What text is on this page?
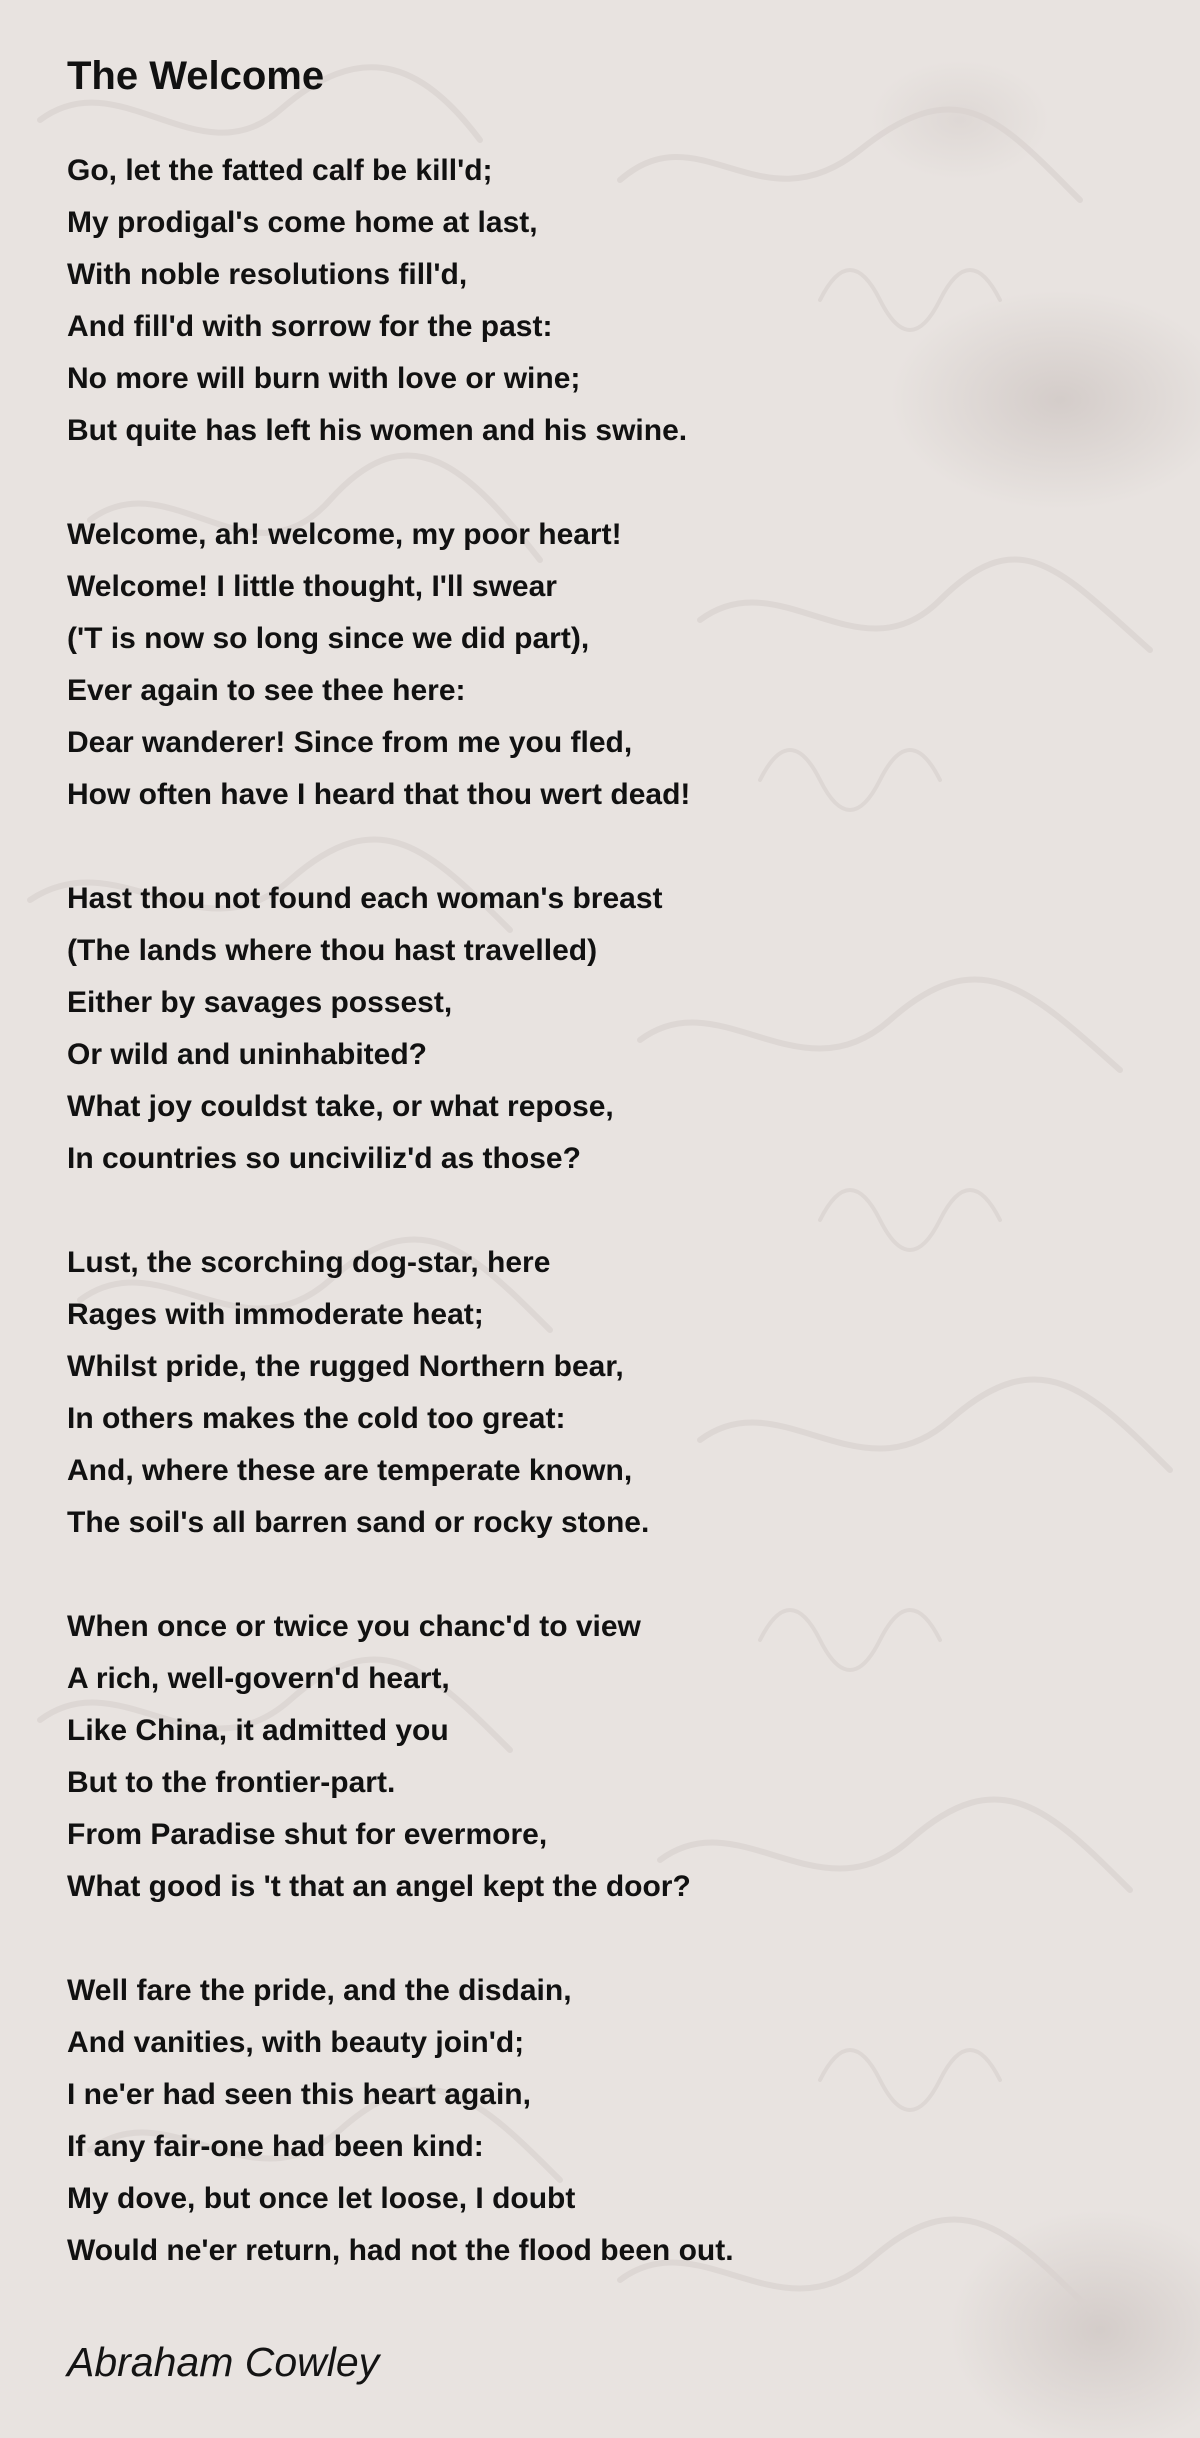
The Welcome
Go, let the fatted calf be kill'd;
My prodigal's come home at last,
With noble resolutions fill'd,
And fill'd with sorrow for the past:
No more will burn with love or wine;
But quite has left his women and his swine.
Welcome, ah! welcome, my poor heart!
Welcome! I little thought, I'll swear
('T is now so long since we did part),
Ever again to see thee here:
Dear wanderer! Since from me you fled,
How often have I heard that thou wert dead!
Hast thou not found each woman's breast
(The lands where thou hast travelled)
Either by savages possest,
Or wild and uninhabited?
What joy couldst take, or what repose,
In countries so unciviliz'd as those?
Lust, the scorching dog-star, here
Rages with immoderate heat;
Whilst pride, the rugged Northern bear,
In others makes the cold too great:
And, where these are temperate known,
The soil's all barren sand or rocky stone.
When once or twice you chanc'd to view
A rich, well-govern'd heart,
Like China, it admitted you
But to the frontier-part.
From Paradise shut for evermore,
What good is 't that an angel kept the door?
Well fare the pride, and the disdain,
And vanities, with beauty join'd;
I ne'er had seen this heart again,
If any fair-one had been kind:
My dove, but once let loose, I doubt
Would ne'er return, had not the flood been out.
Abraham Cowley
